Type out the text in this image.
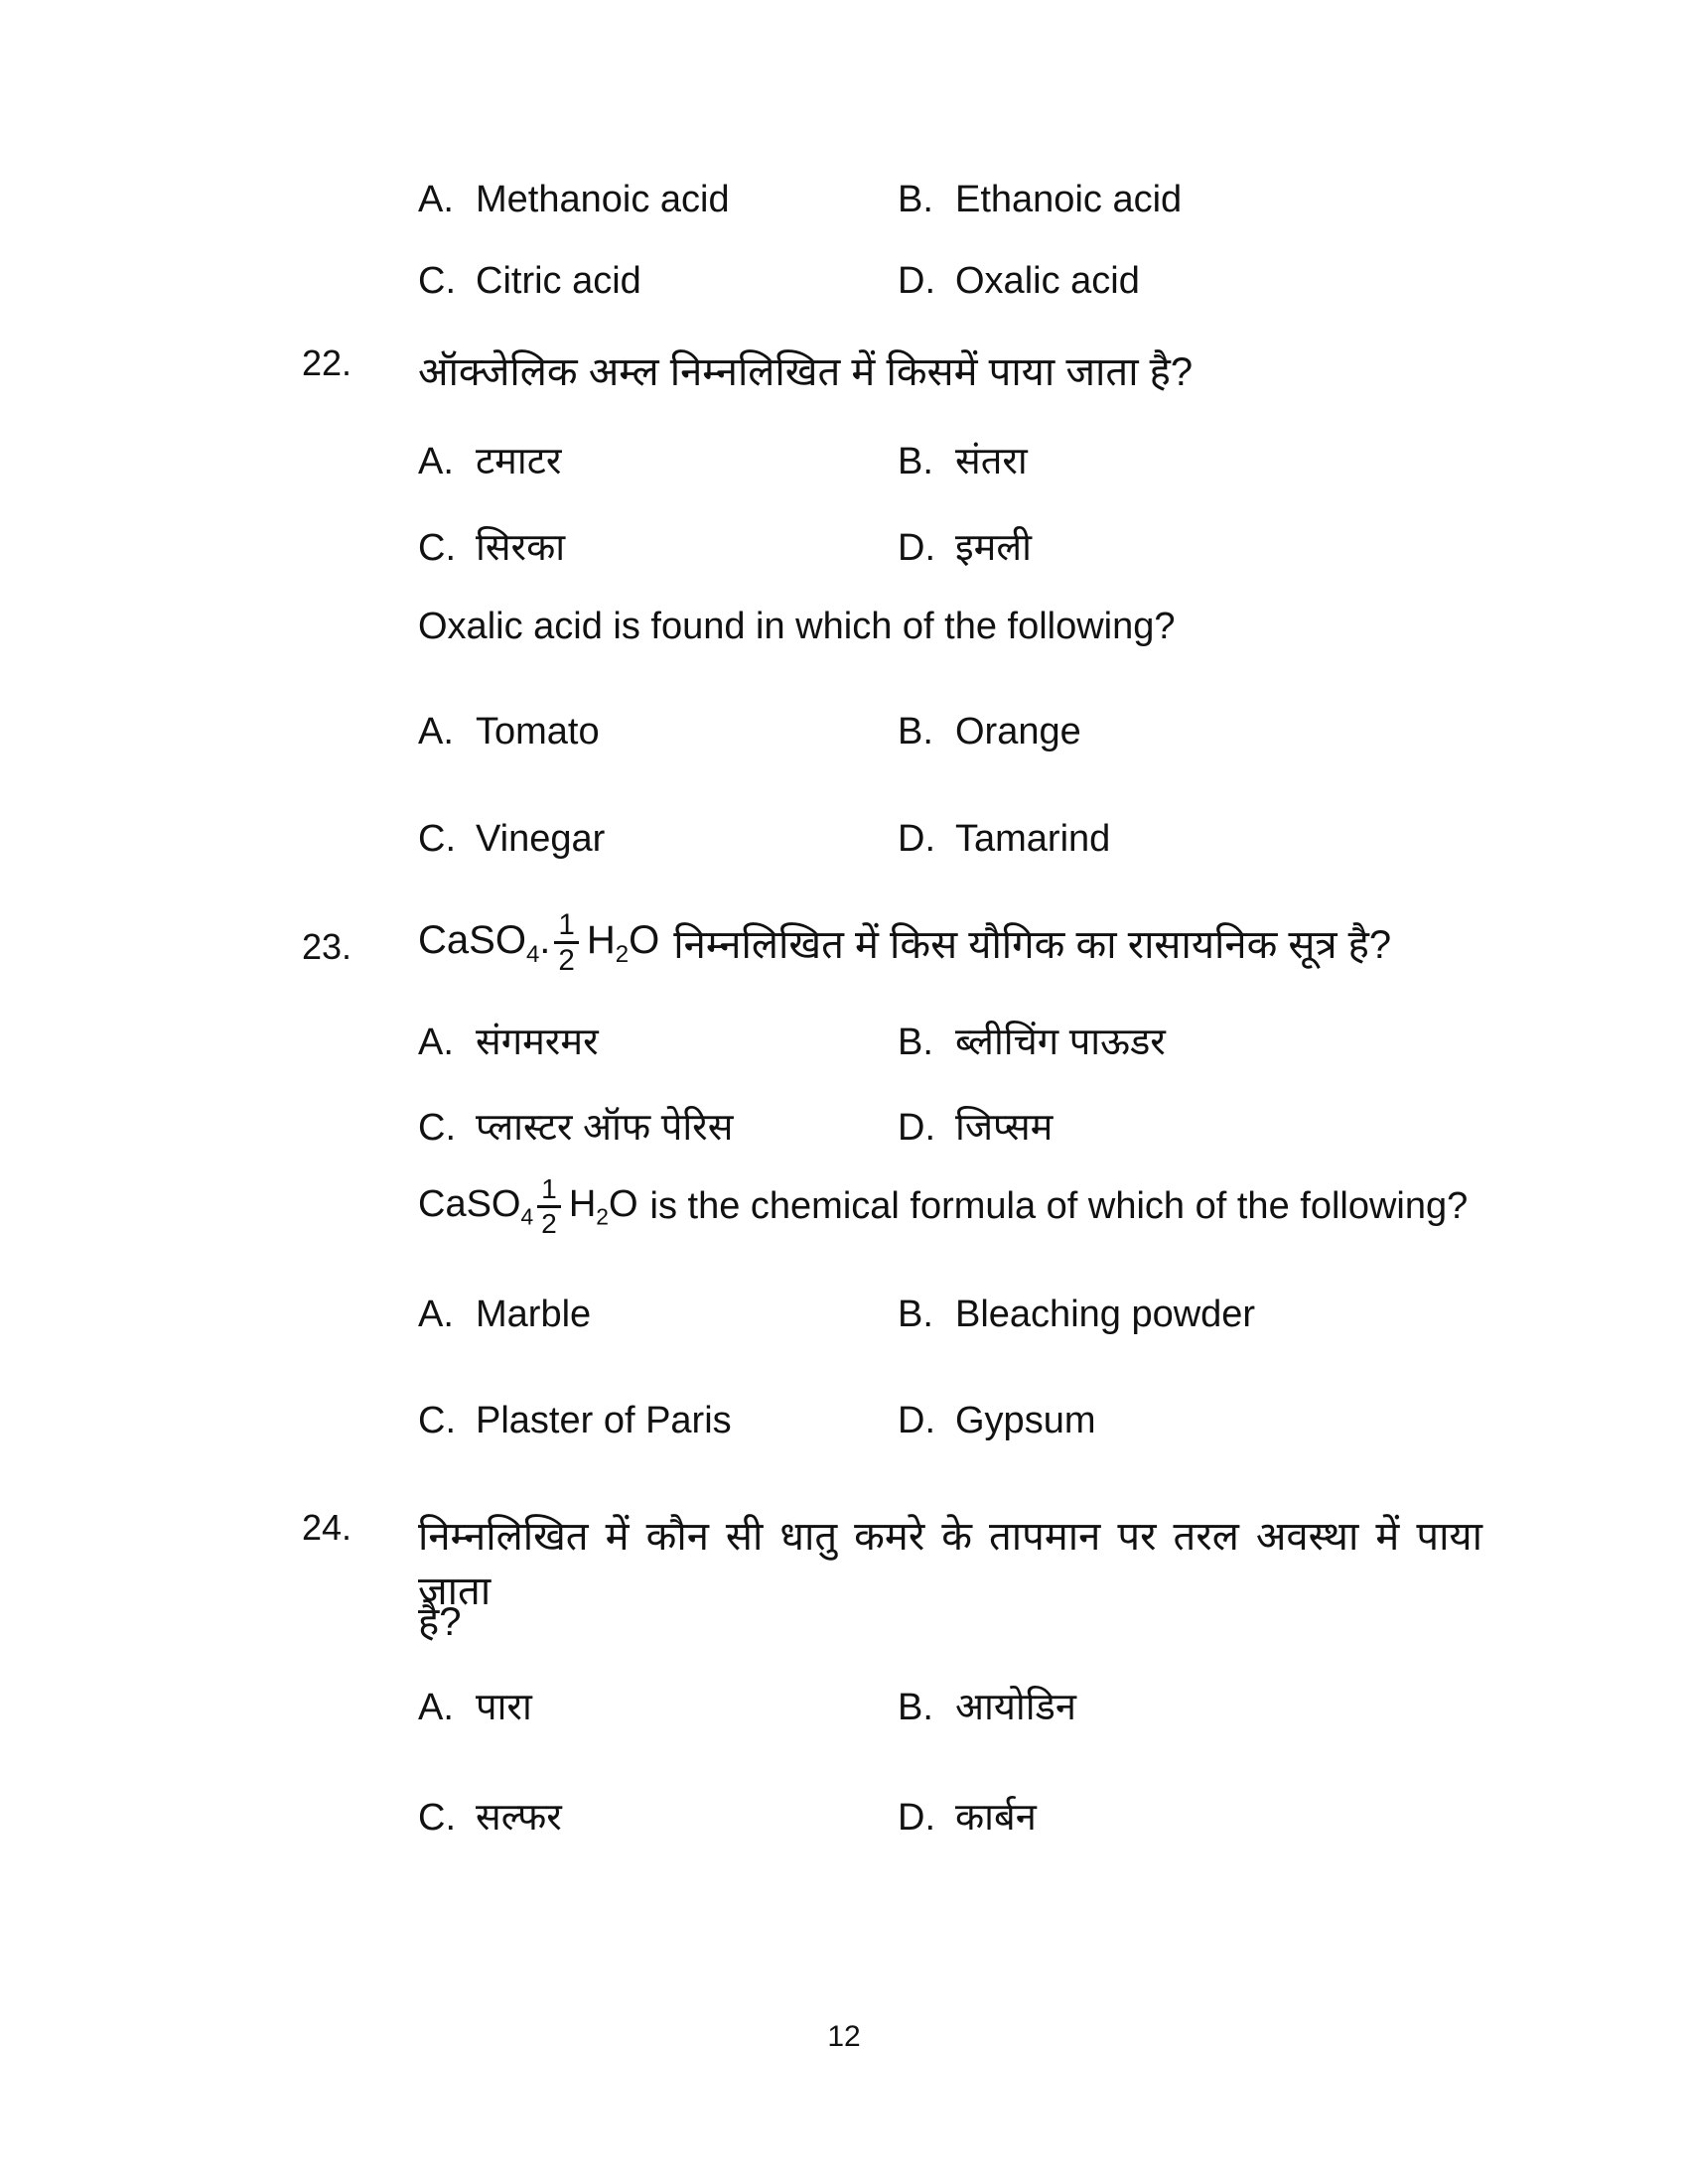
A. Methanoic acid	B. Ethanoic acid
C. Citric acid	D. Oxalic acid
22. ऑक्जेलिक अम्ल निम्नलिखित में किसमें पाया जाता है?
A. टमाटर	B. संतरा
C. सिरका	D. इमली
Oxalic acid is found in which of the following?
A. Tomato	B. Orange
C. Vinegar	D. Tamarind
23. CaSO$_4$. $\frac{1}{2} H_2O$ निम्नलिखित में किस यौगिक का रासायनिक सूत्र है?
A. संगमरमर	B. ब्लीचिंग पाऊडर
C. प्लास्टर ऑफ पेरिस	D. जिप्सम
CaSO$_4$ $\frac{1}{2} H_2O$ is the chemical formula of which of the following?
A. Marble	B. Bleaching powder
C. Plaster of Paris	D. Gypsum
24. निम्नलिखित में कौन सी धातु कमरे के तापमान पर तरल अवस्था में पाया जाता
है?
A. पारा	B. आयोडिन
C. सल्फर	D. कार्बन
12
